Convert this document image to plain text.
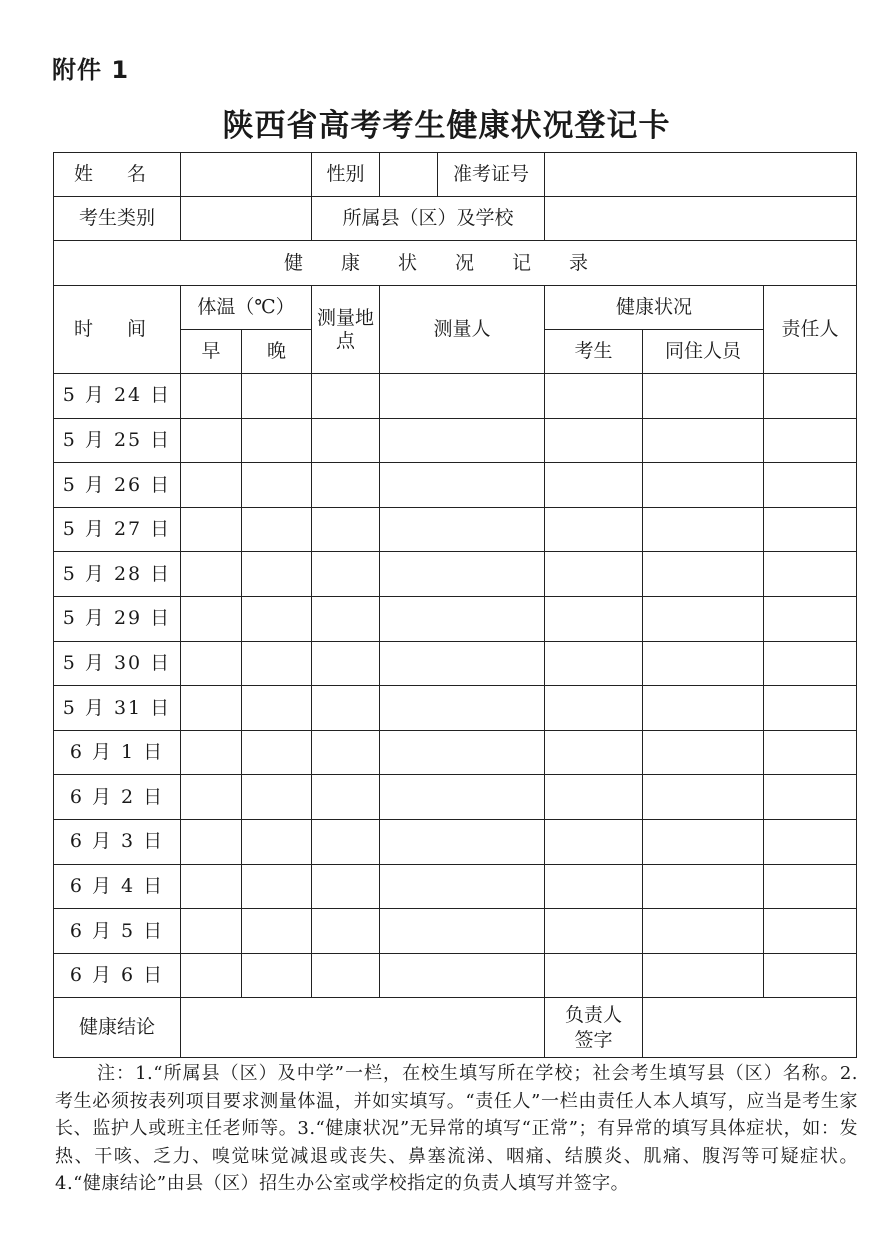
附件 1
陕西省高考考生健康状况登记卡
姓 名			性别		准考证号			
考生类别			所属县（区）及学校					
健康状况记录								
时 间	体温（℃）		测量地点	测量人		健康状况		责任人
	早	晚				考生	同住人员	
5 月 24 日								
5 月 25 日								
5 月 26 日								
5 月 27 日								
5 月 28 日								
5 月 29 日								
5 月 30 日								
5 月 31 日								
6 月 1 日								
6 月 2 日								
6 月 3 日								
6 月 4 日								
6 月 5 日								
6 月 6 日								
健康结论						负责人签字		
注：1.“所属县（区）及中学”一栏，在校生填写所在学校；社会考生填写县（区）名称。2. 考生必须按表列项目要求测量体温，并如实填写。“责任人”一栏由责任人本人填写，应当是考生家长、监护人或班主任老师等。3.“健康状况”无异常的填写“正常”；有异常的填写具体症状，如：发热、干咳、乏力、嗅觉味觉减退或丧失、鼻塞流涕、咽痛、结膜炎、肌痛、腹泻等可疑症状。4.“健康结论”由县（区）招生办公室或学校指定的负责人填写并签字。
